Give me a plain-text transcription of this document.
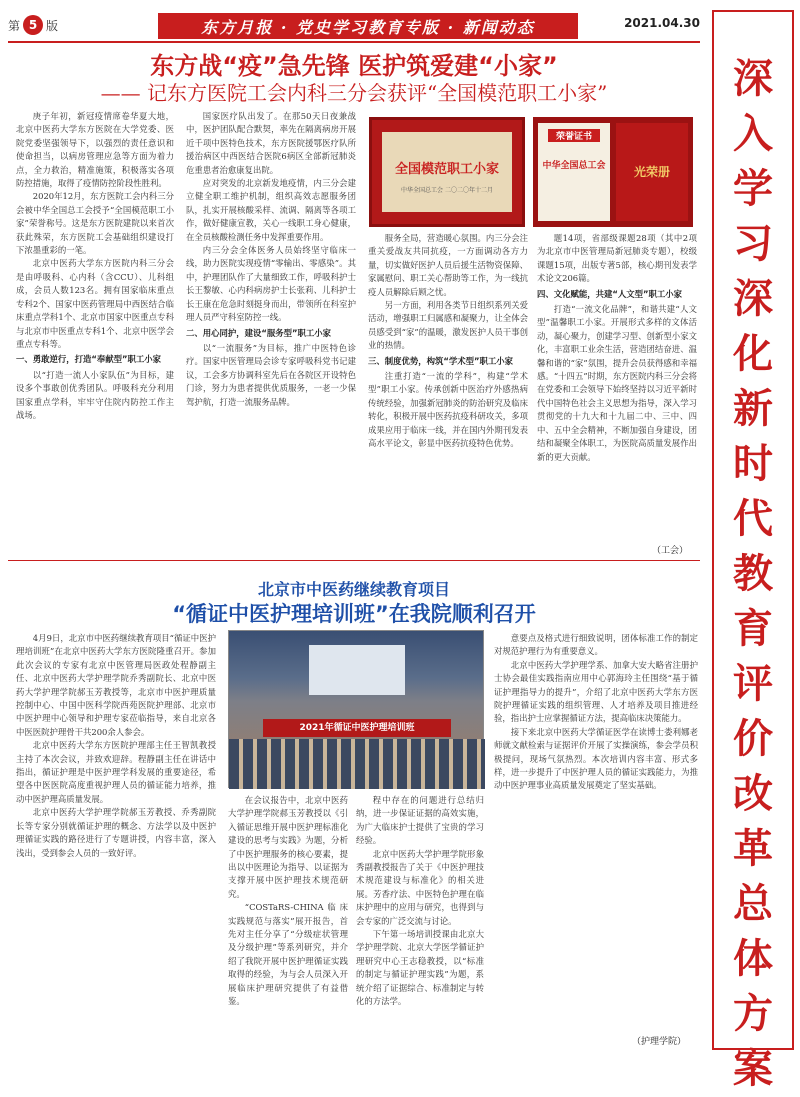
第 5 版	东方月报 · 党史学习教育专版 · 新闻动态	2021.04.30
深
入
学
习
深
化
新
时
代
教
育
评
价
改
革
总
体
方
案
东方战“疫”急先锋 医护筑爱建“小家”
—— 记东方医院工会内科三分会获评“全国模范职工小家”

庚子年初，新冠疫情席卷华夏大地，北京中医药大学东方医院在大学党委、医院党委坚强领导下，以强烈的责任意识和使命担当，以病房管理应急等方面为着力点，全力救治，精准施策，积极落实各项防控措施，取得了疫情防控阶段性胜利。

2020年12月，东方医院工会内科三分会被中华全国总工会授予“全国模范职工小家”荣誉称号。这是东方医院建院以来首次获此殊荣，东方医院工会基础组织建设打下浓墨重彩的一笔。

北京中医药大学东方医院内科三分会是由呼吸科、心内科（含CCU）、儿科组成，会员人数123名。拥有国家临床重点专科2个、国家中医药管理局中西医结合临床重点学科1个、北京市国家中医重点专科与北京市中医重点专科1个、北京中医学会重点专科等。

一、勇敢逆行，打造“奉献型”职工小家

以“打造一流人小家队伍”为目标，建设多个事敢创优秀团队。呼吸科充分利用国家重点学科，牢牢守住院内防控工作主战场。

国家医疗队出发了。在那50天日夜兼战中，医护团队配合默契，率先在隔离病房开展近千项中医特色技术，东方医院援鄂医疗队所援治病区中西医结合医院6病区全部新冠肺炎危重患者治愈康复出院。

应对突发的北京新发地疫情，内三分会建立健全职工维护机制，组织高效志愿服务团队，扎实开展核酸采样、流调、隔离等各项工作，做好健康宣教，关心一线职工身心健康，在全员核酸检测任务中发挥重要作用。

内三分会全体医务人员始终坚守临床一线，助力医院实现疫情“零输出、零感染”。其中，护理团队作了大量细致工作，呼吸科护士长王黎敏、心内科病房护士长张莉、儿科护士长王康在危急时刻挺身而出，带领所在科室护理人员严守科室防控一线。

二、用心同护，建设“服务型”职工小家

以“一流服务”为目标，推广中医特色诊疗。国家中医管理局会诊专家呼吸科党书记建议，工会多方协调科室先后在各院区开设特色门诊，努力为患者提供优质服务，一老一少保驾护航，打造一流服务品牌。

全国模范职工小家
中华全国总工会 二〇二〇年十二月
荣誉证书
中华全国总工会	光荣册

服务全局，营造暖心氛围。内三分会注重关爱战友共同抗疫，一方面调动各方力量，切实做好医护人员后援生活物资保障、家属慰问、职工关心帮助等工作，为一线抗疫人员解除后顾之忧。

另一方面，利用各类节日组织系列关爱活动，增强职工归属感和凝聚力，让全体会员感受到“家”的温暖，激发医护人员干事创业的热情。

三、制度优势，构筑“学术型”职工小家

注重打造“一流的学科”，构建“学术型”职工小家。传承创新中医治疗外感热病传统经验，加强新冠肺炎的防治研究及临床转化，积极开展中医药抗疫科研攻关，多项成果应用于临床一线，并在国内外期刊发表高水平论文，彰显中医药抗疫特色优势。

题14项，省部级课题28项（其中2项为北京市中医管理局新冠肺炎专题），校级课题15项，出版专著5部，核心期刊发表学术论文206篇。

四、文化赋能，共建“人文型”职工小家

打造“一流文化品牌”，和谐共建“人文型”温馨职工小家。开展形式多样的文体活动，凝心聚力，创建学习型、创新型小家文化，丰富职工业余生活，营造团结奋进、温馨和谐的“家”氛围，提升会员获得感和幸福感。“十四五”时期，东方医院内科三分会将在党委和工会领导下始终坚持以习近平新时代中国特色社会主义思想为指导，深入学习贯彻党的十九大和十九届二中、三中、四中、五中全会精神，不断加强自身建设，团结和凝聚全体职工，为医院高质量发展作出新的更大贡献。

（工会）
北京市中医药继续教育项目
“循证中医护理培训班”在我院顺利召开

4月9日，北京市中医药继续教育项目“循证中医护理培训班”在北京中医药大学东方医院隆重召开。参加此次会议的专家有北京中医管理局医政处程静副主任、北京中医药大学护理学院乔秀副院长、北京中医药大学护理学院郝玉芳教授等，北京市中医护理质量控制中心、中国中医科学院西苑医院护理部、北京市中医护理中心领导和护理专家莅临指导，来自北京各中医医院护理骨干共200余人参会。

北京中医药大学东方医院护理部主任王智凯教授主持了本次会议，并致欢迎辞。程静副主任在讲话中指出，循证护理是中医护理学科发展的重要途径，希望各中医医院高度重视护理人员的循证能力培养，推动中医护理高质量发展。

北京中医药大学护理学院郝玉芳教授、乔秀副院长等专家分别就循证护理的概念、方法学以及中医护理循证实践的路径进行了专题讲授，内容丰富，深入浅出，受到参会人员的一致好评。

2021年循证中医护理培训班

在会议报告中，北京中医药大学护理学院郝玉芳教授以《引入循证思维开展中医护理标准化建设的思考与实践》为题，分析了中医护理服务的核心要素，提出以中医理论为指导、以证据为支撑开展中医护理技术规范研究。

“COSTaRS-CHINA临床实践规范与落实”展开报告，首先对主任分享了“分级症状管理及分级护理”等系列研究，并介绍了我院开展中医护理循证实践取得的经验，为与会人员深入开展临床护理研究提供了有益借鉴。

程中存在的问题进行总结归纳，进一步保证证据的高效实施，为广大临床护士提供了宝贵的学习经验。

北京中医药大学护理学院形象秀副教授报告了关于《中医护理技术规范建设与标准化》的相关进展。芳香疗法、中医特色护理在临床护理中的应用与研究，也得到与会专家的广泛交流与讨论。

下午第一场培训授课由北京大学护理学院、北京大学医学循证护理研究中心王志稳教授，以“标准的制定与循证护理实践”为题，系统介绍了证据综合、标准制定与转化的方法学。

意要点及格式进行细致说明，团体标准工作的制定对规范护理行为有重要意义。

北京中医药大学护理学系、加拿大安大略省注册护士协会最佳实践指南应用中心郭海玲主任围绕“基于循证护理指导力的提升”，介绍了北京中医药大学东方医院护理循证实践的组织管理、人才培养及项目推进经验，指出护士应掌握循证方法，提高临床决策能力。

接下来北京中医药大学循证医学在读博士娄利娜老师就文献检索与证据评价开展了实操演练，参会学员积极提问，现场气氛热烈。本次培训内容丰富、形式多样，进一步提升了中医护理人员的循证实践能力，为推动中医护理事业高质量发展奠定了坚实基础。

（护理学院）
